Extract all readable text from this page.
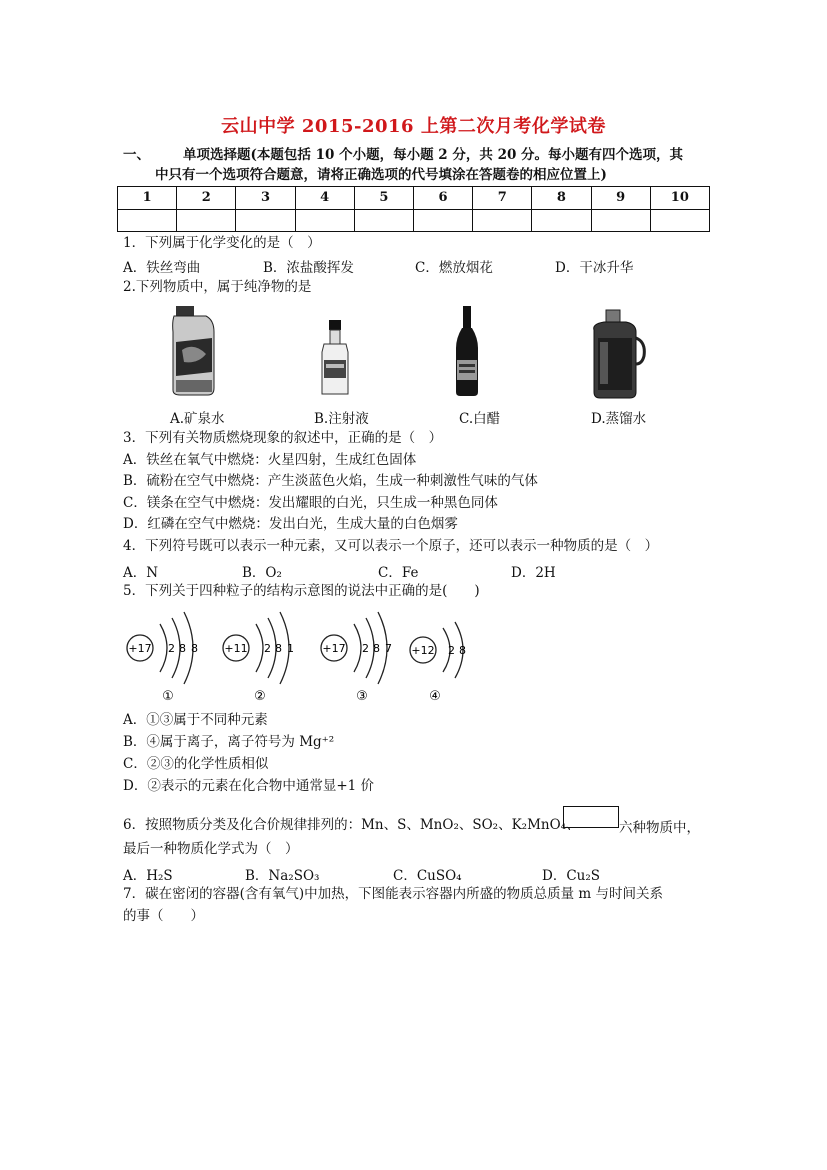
云山中学 2015-2016 上第二次月考化学试卷
一、 单项选择题(本题包括 10 个小题，每小题 2 分，共 20 分。每小题有四个选项，其
中只有一个选项符合题意，请将正确选项的代号填涂在答题卷的相应位置上)
1	2	3	4	5	6	7	8	9	10

1．下列属于化学变化的是（　）
A．铁丝弯曲	B．浓盐酸挥发	C．燃放烟花	D．干冰升华
2.下列物质中，属于纯净物的是
A.矿泉水	B.注射液	C.白醋	D.蒸馏水
3．下列有关物质燃烧现象的叙述中，正确的是（　）
A．铁丝在氧气中燃烧：火星四射，生成红色固体
B．硫粉在空气中燃烧：产生淡蓝色火焰，生成一种刺激性气味的气体
C．镁条在空气中燃烧：发出耀眼的白光，只生成一种黑色同体
D．红磷在空气中燃烧：发出白光，生成大量的白色烟雾
4．下列符号既可以表示一种元素，又可以表示一个原子，还可以表示一种物质的是（　）
A．N	B．O₂	C．Fe	D．2H
5．下列关于四种粒子的结构示意图的说法中正确的是(　　)
+17 2 8 8
①
+11 2 8 1
②
+17 2 8 7
③
+12 2 8
④
A．①③属于不同种元素
B．④属于离子，离子符号为 Mg⁺²
C．②③的化学性质相似
D．②表示的元素在化合物中通常显+1 价
6．按照物质分类及化合价规律排列的：Mn、S、MnO₂、SO₂、K₂MnO₄、	六种物质中，
最后一种物质化学式为（　）
A．H₂S	B．Na₂SO₃	C．CuSO₄	D．Cu₂S
7．碳在密闭的容器(含有氧气)中加热，下图能表示容器内所盛的物质总质量 m 与时间关系
的事（　　）
